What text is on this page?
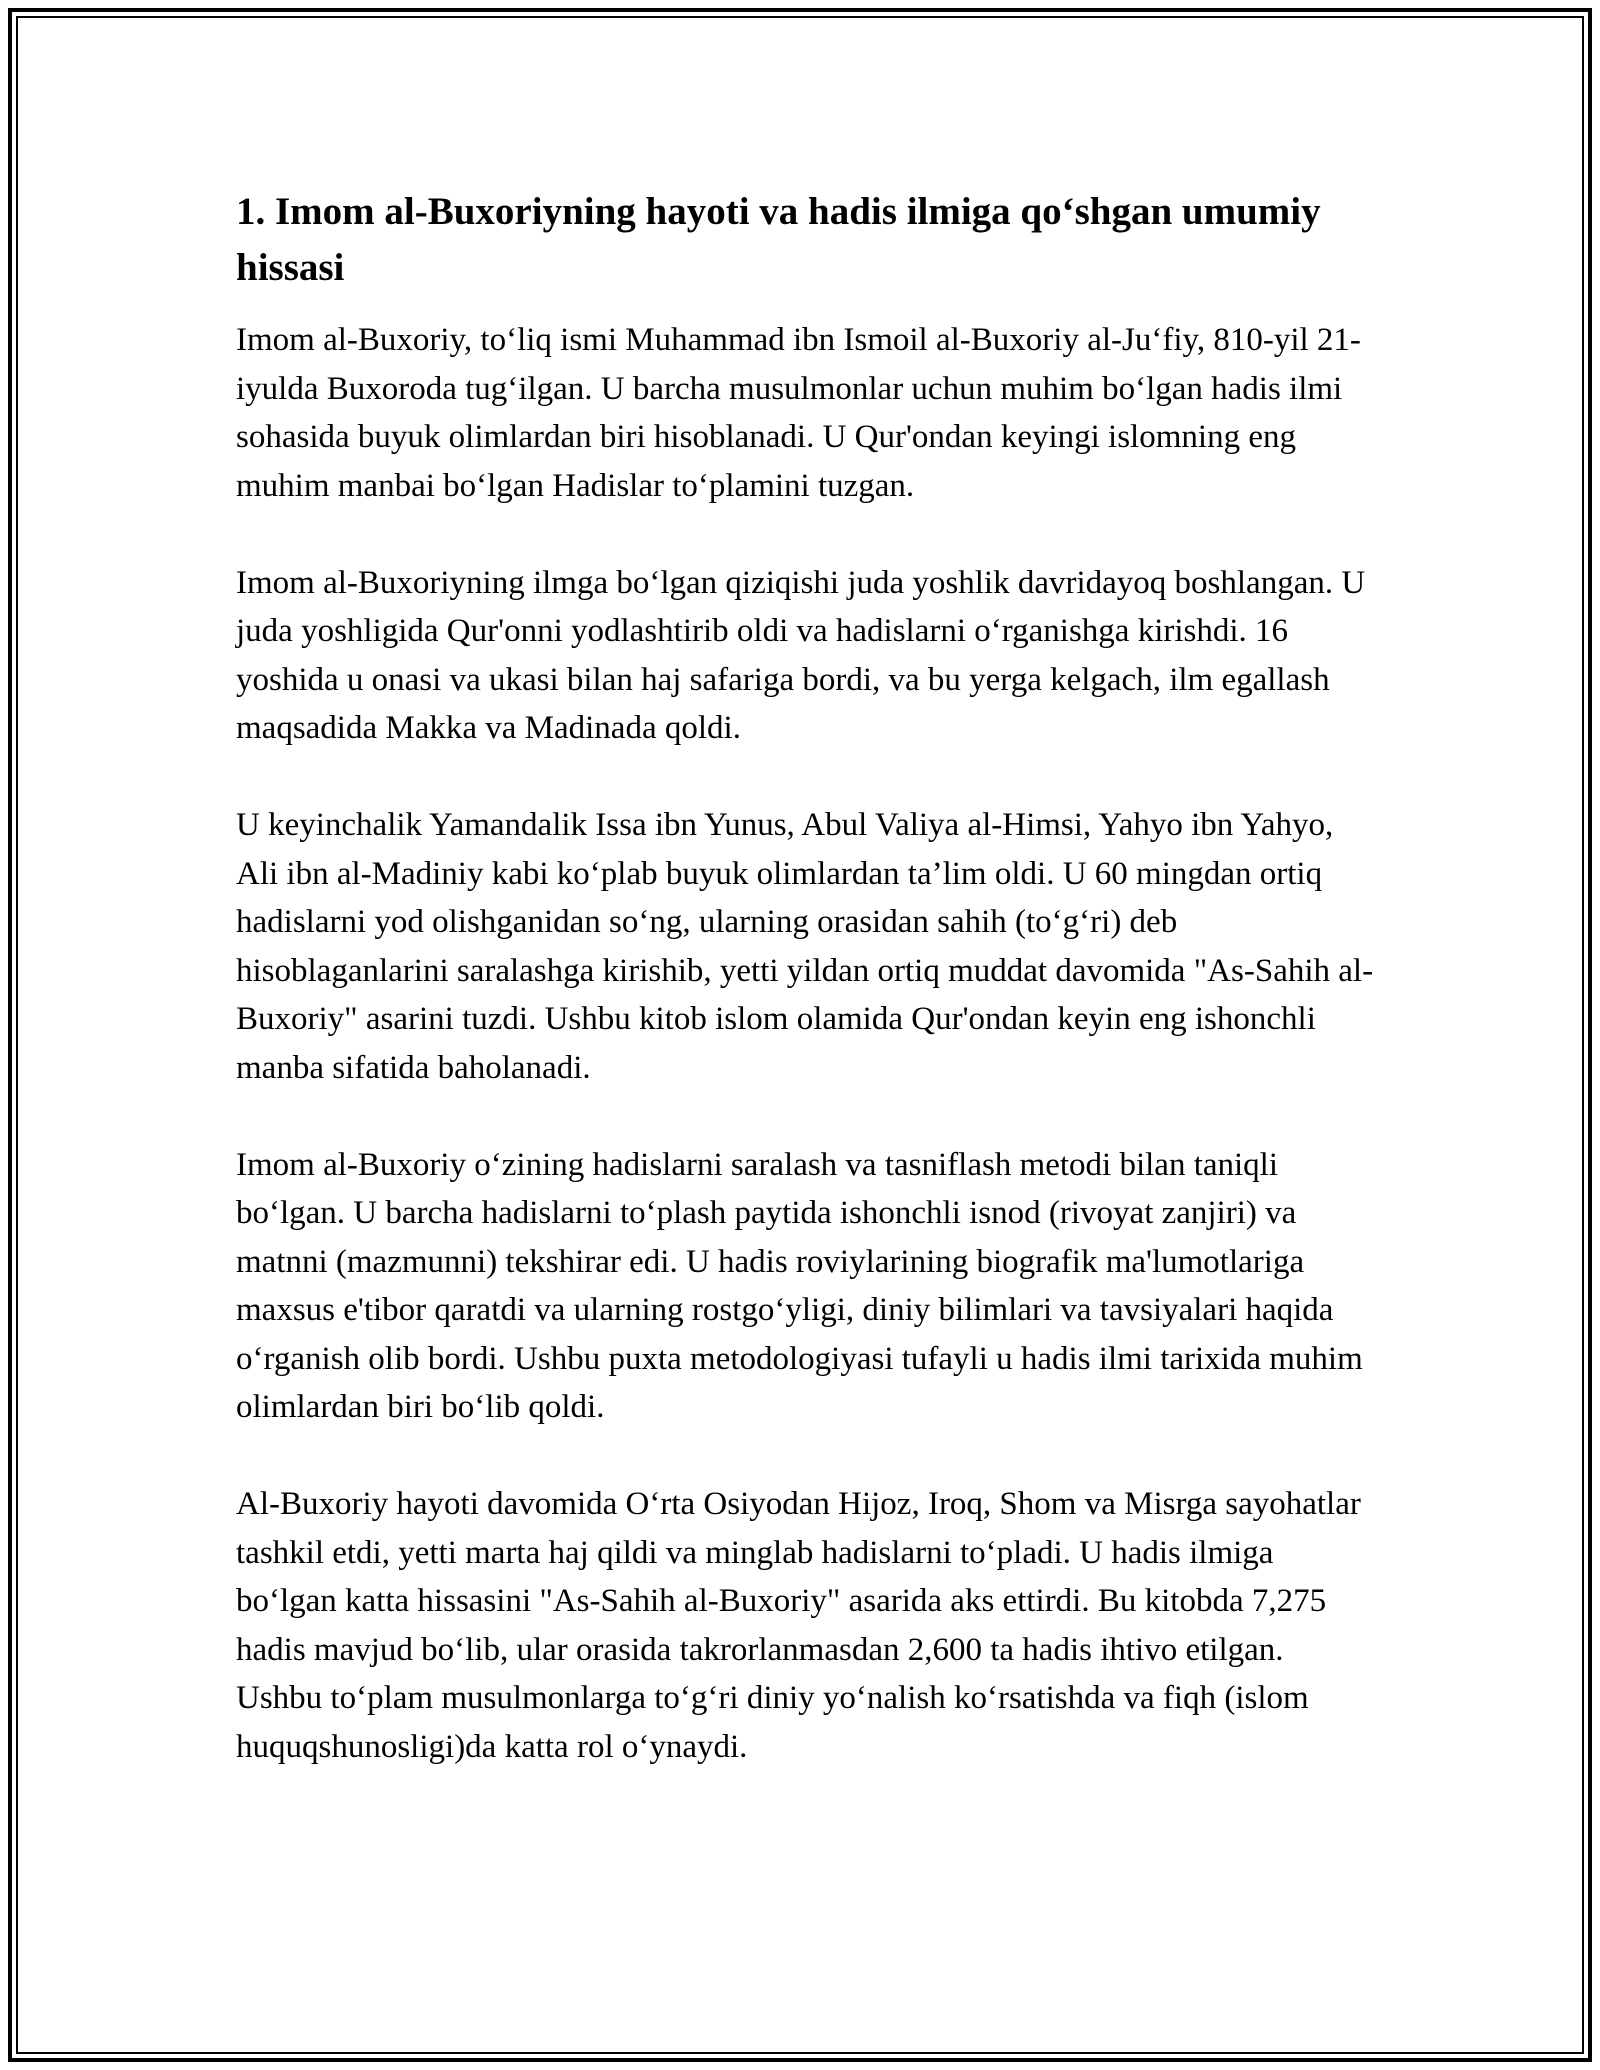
1. Imom al-Buxoriyning hayoti va hadis ilmiga qo‘shgan umumiy hissasi

Imom al-Buxoriy, to‘liq ismi Muhammad ibn Ismoil al-Buxoriy al-Ju‘fiy, 810-yil 21-iyulda Buxoroda tug‘ilgan. U barcha musulmonlar uchun muhim bo‘lgan hadis ilmi sohasida buyuk olimlardan biri hisoblanadi. U Qur'ondan keyingi islomning eng muhim manbai bo‘lgan Hadislar to‘plamini tuzgan.

Imom al-Buxoriyning ilmga bo‘lgan qiziqishi juda yoshlik davridayoq boshlangan. U juda yoshligida Qur'onni yodlashtirib oldi va hadislarni o‘rganishga kirishdi. 16 yoshida u onasi va ukasi bilan haj safariga bordi, va bu yerga kelgach, ilm egallash maqsadida Makka va Madinada qoldi.

U keyinchalik Yamandalik Issa ibn Yunus, Abul Valiya al-Himsi, Yahyo ibn Yahyo, Ali ibn al-Madiniy kabi ko‘plab buyuk olimlardan ta’lim oldi. U 60 mingdan ortiq hadislarni yod olishganidan so‘ng, ularning orasidan sahih (to‘g‘ri) deb hisoblaganlarini saralashga kirishib, yetti yildan ortiq muddat davomida "As-Sahih al-Buxoriy" asarini tuzdi. Ushbu kitob islom olamida Qur'ondan keyin eng ishonchli manba sifatida baholanadi.

Imom al-Buxoriy o‘zining hadislarni saralash va tasniflash metodi bilan taniqli bo‘lgan. U barcha hadislarni to‘plash paytida ishonchli isnod (rivoyat zanjiri) va matnni (mazmunni) tekshirar edi. U hadis roviylarining biografik ma'lumotlariga maxsus e'tibor qaratdi va ularning rostgo‘yligi, diniy bilimlari va tavsiyalari haqida o‘rganish olib bordi. Ushbu puxta metodologiyasi tufayli u hadis ilmi tarixida muhim olimlardan biri bo‘lib qoldi.

Al-Buxoriy hayoti davomida O‘rta Osiyodan Hijoz, Iroq, Shom va Misrga sayohatlar tashkil etdi, yetti marta haj qildi va minglab hadislarni to‘pladi. U hadis ilmiga bo‘lgan katta hissasini "As-Sahih al-Buxoriy" asarida aks ettirdi. Bu kitobda 7,275 hadis mavjud bo‘lib, ular orasida takrorlanmasdan 2,600 ta hadis ihtivo etilgan. Ushbu to‘plam musulmonlarga to‘g‘ri diniy yo‘nalish ko‘rsatishda va fiqh (islom huquqshunosligi)da katta rol o‘ynaydi.
